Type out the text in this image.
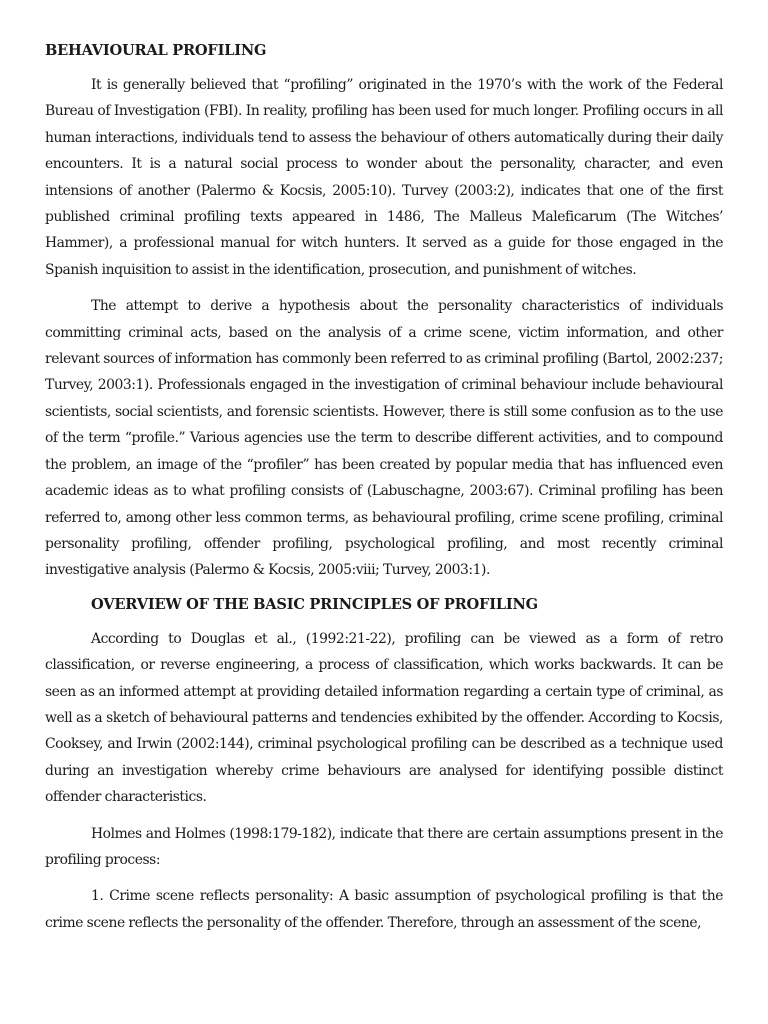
BEHAVIOURAL PROFILING

It is generally believed that “profiling” originated in the 1970’s with the work of the Federal Bureau of Investigation (FBI). In reality, profiling has been used for much longer. Profiling occurs in all human interactions, individuals tend to assess the behaviour of others automatically during their daily encounters. It is a natural social process to wonder about the personality, character, and even intensions of another (Palermo & Kocsis, 2005:10). Turvey (2003:2), indicates that one of the first published criminal profiling texts appeared in 1486, The Malleus Maleficarum (The Witches’ Hammer), a professional manual for witch hunters. It served as a guide for those engaged in the Spanish inquisition to assist in the identification, prosecution, and punishment of witches.

The attempt to derive a hypothesis about the personality characteristics of individuals committing criminal acts, based on the analysis of a crime scene, victim information, and other relevant sources of information has commonly been referred to as criminal profiling (Bartol, 2002:237; Turvey, 2003:1). Professionals engaged in the investigation of criminal behaviour include behavioural scientists, social scientists, and forensic scientists. However, there is still some confusion as to the use of the term “profile.” Various agencies use the term to describe different activities, and to compound the problem, an image of the “profiler” has been created by popular media that has influenced even academic ideas as to what profiling consists of (Labuschagne, 2003:67). Criminal profiling has been referred to, among other less common terms, as behavioural profiling, crime scene profiling, criminal personality profiling, offender profiling, psychological profiling, and most recently criminal investigative analysis (Palermo & Kocsis, 2005:viii; Turvey, 2003:1).

OVERVIEW OF THE BASIC PRINCIPLES OF PROFILING

According to Douglas et al., (1992:21-22), profiling can be viewed as a form of retro classification, or reverse engineering, a process of classification, which works backwards. It can be seen as an informed attempt at providing detailed information regarding a certain type of criminal, as well as a sketch of behavioural patterns and tendencies exhibited by the offender. According to Kocsis, Cooksey, and Irwin (2002:144), criminal psychological profiling can be described as a technique used during an investigation whereby crime behaviours are analysed for identifying possible distinct offender characteristics.

Holmes and Holmes (1998:179-182), indicate that there are certain assumptions present in the profiling process:

1. Crime scene reflects personality: A basic assumption of psychological profiling is that the crime scene reflects the personality of the offender. Therefore, through an assessment of the scene,
